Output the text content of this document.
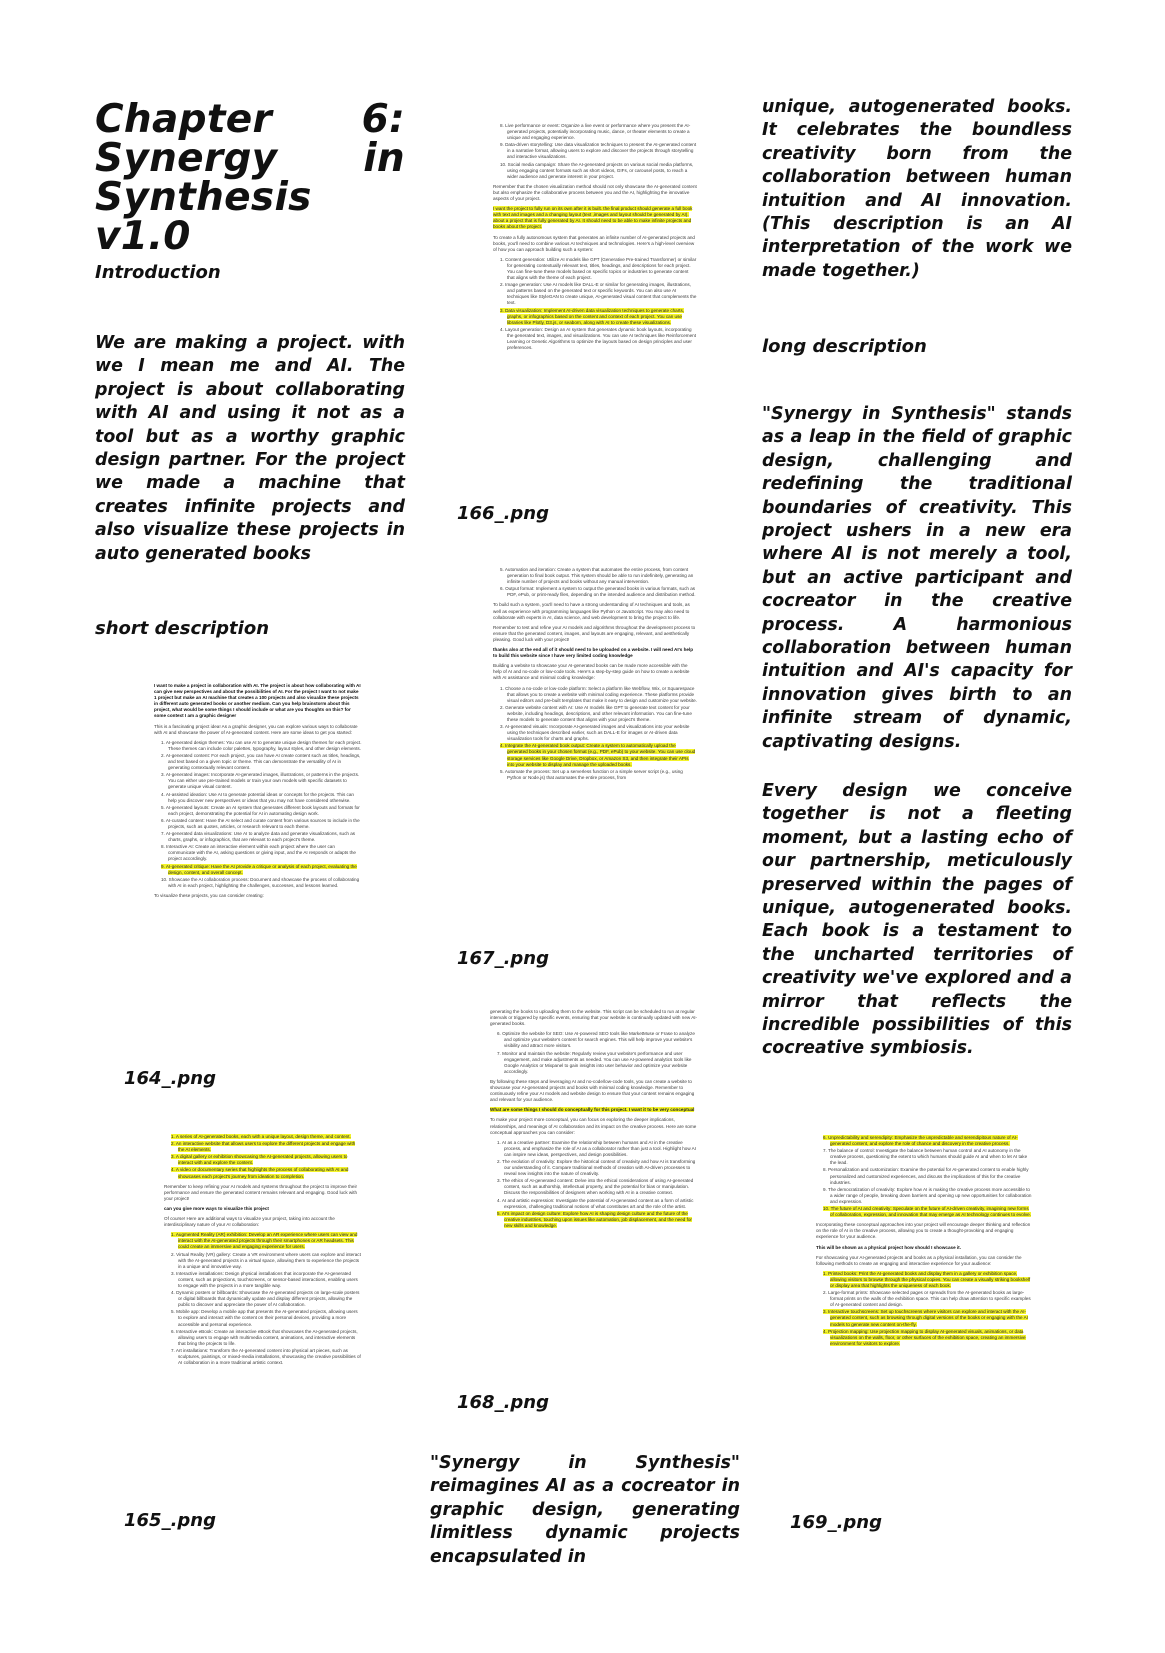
Chapter 6: Synergy in Synthesis v1.0
Introduction
We are making a project. with we I mean me and AI. The project is about collaborating with AI and using it not as a tool but as a worthy graphic design partner. For the project we made a machine that creates infinite projects and also visualize these projects in auto generated books
short description
I want to make a project in collaboration with AI. The project is about how collaborating with AI can give new perspectives and about the possibilities of AI. For the project I want to not make 1 project but make an AI machine that creates a 100 projects and also visualize these projects in different auto generated books or another medium. Can you help brainstorm about this project, what would be some things I should include or what are you thoughts on this? for some context I am a graphic designer
This is a fascinating project idea! As a graphic designer, you can explore various ways to collaborate with AI and showcase the power of AI-generated content. Here are some ideas to get you started:
1. AI-generated design themes: You can use AI to generate unique design themes for each project. These themes can include color palettes, typography, layout styles, and other design elements.
2. AI-generated content: For each project, you can have AI create content such as titles, headings, and text based on a given topic or theme. This can demonstrate the versatility of AI in generating contextually relevant content.
3. AI-generated images: Incorporate AI-generated images, illustrations, or patterns in the projects. You can either use pre-trained models or train your own models with specific datasets to generate unique visual content.
4. AI-assisted ideation: Use AI to generate potential ideas or concepts for the projects. This can help you discover new perspectives or ideas that you may not have considered otherwise.
5. AI-generated layouts: Create an AI system that generates different book layouts and formats for each project, demonstrating the potential for AI in automating design work.
6. AI-curated content: Have the AI select and curate content from various sources to include in the projects, such as quotes, articles, or research relevant to each theme.
7. AI-generated data visualizations: Use AI to analyze data and generate visualizations, such as charts, graphs, or infographics, that are relevant to each project's theme.
8. Interactive AI: Create an interactive element within each project where the user can communicate with the AI, asking questions or giving input, and the AI responds or adapts the project accordingly.
9. AI-generated critique: Have the AI provide a critique or analysis of each project, evaluating the design, content, and overall concept.
10. Showcase the AI collaboration process: Document and showcase the process of collaborating with AI in each project, highlighting the challenges, successes, and lessons learned.
To visualize these projects, you can consider creating:
164_.png
1. A series of AI-generated books, each with a unique layout, design theme, and content.
2. An interactive website that allows users to explore the different projects and engage with the AI elements.
3. A digital gallery or exhibition showcasing the AI-generated projects, allowing users to interact with and explore the content.
4. A video or documentary series that highlights the process of collaborating with AI and showcases each project's journey from ideation to completion.
Remember to keep refining your AI models and systems throughout the project to improve their performance and ensure the generated content remains relevant and engaging. Good luck with your project!
can you give more ways to visualize this project
Of course! Here are additional ways to visualize your project, taking into account the interdisciplinary nature of your AI collaboration:
1. Augmented Reality (AR) exhibition: Develop an AR experience where users can view and interact with the AI-generated projects through their smartphones or AR headsets. This could create an immersive and engaging experience for users.
2. Virtual Reality (VR) gallery: Create a VR environment where users can explore and interact with the AI-generated projects in a virtual space, allowing them to experience the projects in a unique and innovative way.
3. Interactive installations: Design physical installations that incorporate the AI-generated content, such as projections, touchscreens, or sensor-based interactions, enabling users to engage with the projects in a more tangible way.
4. Dynamic posters or billboards: Showcase the AI-generated projects on large-scale posters or digital billboards that dynamically update and display different projects, allowing the public to discover and appreciate the power of AI collaboration.
5. Mobile app: Develop a mobile app that presents the AI-generated projects, allowing users to explore and interact with the content on their personal devices, providing a more accessible and personal experience.
6. Interactive eBook: Create an interactive eBook that showcases the AI-generated projects, allowing users to engage with multimedia content, animations, and interactive elements that bring the projects to life.
7. Art installations: Transform the AI-generated content into physical art pieces, such as sculptures, paintings, or mixed-media installations, showcasing the creative possibilities of AI collaboration in a more traditional artistic context.
165_.png
8. Live performance or event: Organize a live event or performance where you present the AI-generated projects, potentially incorporating music, dance, or theater elements to create a unique and engaging experience.
9. Data-driven storytelling: Use data visualization techniques to present the AI-generated content in a narrative format, allowing users to explore and discover the projects through storytelling and interactive visualizations.
10. Social media campaign: Share the AI-generated projects on various social media platforms, using engaging content formats such as short videos, GIFs, or carousel posts, to reach a wider audience and generate interest in your project.
Remember that the chosen visualization method should not only showcase the AI-generated content but also emphasize the collaborative process between you and the AI, highlighting the innovative aspects of your project.
I want the project to fully run on its own after it is built. the final product should generate a full book with text and images and a changing layout (text ,images and layout should be generated by AI). about a project that is fully generated by AI. It should need to be able to make infinite projects and books about the project.
To create a fully autonomous system that generates an infinite number of AI-generated projects and books, you'll need to combine various AI techniques and technologies. Here's a high-level overview of how you can approach building such a system:
1. Content generation: Utilize AI models like GPT (Generative Pre-trained Transformer) or similar for generating contextually relevant text, titles, headings, and descriptions for each project. You can fine-tune these models based on specific topics or industries to generate content that aligns with the theme of each project.
2. Image generation: Use AI models like DALL-E or similar for generating images, illustrations, and patterns based on the generated text or specific keywords. You can also use AI techniques like StyleGAN to create unique, AI-generated visual content that complements the text.
3. Data visualization: Implement AI-driven data visualization techniques to generate charts, graphs, or infographics based on the content and context of each project. You can use libraries like Plotly, D3.js, or seaborn, along with AI to create these visualizations.
4. Layout generation: Design an AI system that generates dynamic book layouts, incorporating the generated text, images, and visualizations. You can use AI techniques like Reinforcement Learning or Genetic Algorithms to optimize the layouts based on design principles and user preferences.
166_.png
5. Automation and iteration: Create a system that automates the entire process, from content generation to final book output. This system should be able to run indefinitely, generating an infinite number of projects and books without any manual intervention.
6. Output format: Implement a system to output the generated books in various formats, such as PDF, ePub, or print-ready files, depending on the intended audience and distribution method.
To build such a system, you'll need to have a strong understanding of AI techniques and tools, as well as experience with programming languages like Python or JavaScript. You may also need to collaborate with experts in AI, data science, and web development to bring the project to life.
Remember to test and refine your AI models and algorithms throughout the development process to ensure that the generated content, images, and layouts are engaging, relevant, and aesthetically pleasing. Good luck with your project!
thanks also at the end all of it should need to be uploaded on a website. I will need AI's help to build this website since I have very limited coding knowledge
Building a website to showcase your AI-generated books can be made more accessible with the help of AI and no-code or low-code tools. Here's a step-by-step guide on how to create a website with AI assistance and minimal coding knowledge:
1. Choose a no-code or low-code platform: Select a platform like Webflow, Wix, or Squarespace that allows you to create a website with minimal coding experience. These platforms provide visual editors and pre-built templates that make it easy to design and customize your website.
2. Generate website content with AI: Use AI models like GPT to generate text content for your website, including headings, descriptions, and other relevant information. You can fine-tune these models to generate content that aligns with your project's theme.
3. AI-generated visuals: Incorporate AI-generated images and visualizations into your website using the techniques described earlier, such as DALL-E for images or AI-driven data visualization tools for charts and graphs.
4. Integrate the AI-generated book output: Create a system to automatically upload the generated books in your chosen format (e.g., PDF, ePub) to your website. You can use cloud storage services like Google Drive, Dropbox, or Amazon S3, and then integrate their APIs into your website to display and manage the uploaded books.
5. Automate the process: Set up a serverless function or a simple server script (e.g., using Python or Node.js) that automates the entire process, from
167_.png
generating the books to uploading them to the website. This script can be scheduled to run at regular intervals or triggered by specific events, ensuring that your website is continually updated with new AI-generated books.
6. Optimize the website for SEO: Use AI-powered SEO tools like MarketMuse or Frase to analyze and optimize your website's content for search engines. This will help improve your website's visibility and attract more visitors.
7. Monitor and maintain the website: Regularly review your website's performance and user engagement, and make adjustments as needed. You can use AI-powered analytics tools like Google Analytics or Mixpanel to gain insights into user behavior and optimize your website accordingly.
By following these steps and leveraging AI and no-code/low-code tools, you can create a website to showcase your AI-generated projects and books with minimal coding knowledge. Remember to continuously refine your AI models and website design to ensure that your content remains engaging and relevant for your audience.
What are some things I should do conceptually for this project. I want it to be very conceptual
To make your project more conceptual, you can focus on exploring the deeper implications, relationships, and meanings of AI collaboration and its impact on the creative process. Here are some conceptual approaches you can consider:
1. AI as a creative partner: Examine the relationship between humans and AI in the creative process, and emphasize the role of AI as a collaborator rather than just a tool. Highlight how AI can inspire new ideas, perspectives, and design possibilities.
2. The evolution of creativity: Explore the historical context of creativity and how AI is transforming our understanding of it. Compare traditional methods of creation with AI-driven processes to reveal new insights into the nature of creativity.
3. The ethics of AI-generated content: Delve into the ethical considerations of using AI-generated content, such as authorship, intellectual property, and the potential for bias or manipulation. Discuss the responsibilities of designers when working with AI in a creative context.
4. AI and artistic expression: Investigate the potential of AI-generated content as a form of artistic expression, challenging traditional notions of what constitutes art and the role of the artist.
5. AI's impact on design culture: Explore how AI is shaping design culture and the future of the creative industries, touching upon issues like automation, job displacement, and the need for new skills and knowledge.
168_.png
"Synergy in Synthesis" reimagines AI as a cocreator in graphic design, generating limitless dynamic projects encapsulated in
unique, autogenerated books. It celebrates the boundless creativity born from the collaboration between human intuition and AI innovation. (This description is an AI interpretation of the work we made together.)
long description
"Synergy in Synthesis" stands as a leap in the field of graphic design, challenging and redefining the traditional boundaries of creativity. This project ushers in a new era where AI is not merely a tool, but an active participant and cocreator in the creative process. A harmonious collaboration between human intuition and AI's capacity for innovation gives birth to an infinite stream of dynamic, captivating designs.
Every design we conceive together is not a fleeting moment, but a lasting echo of our partnership, meticulously preserved within the pages of unique, autogenerated books. Each book is a testament to the uncharted territories of creativity we've explored and a mirror that reflects the incredible possibilities of this cocreative symbiosis.
6. Unpredictability and serendipity: Emphasize the unpredictable and serendipitous nature of AI-generated content, and explore the role of chance and discovery in the creative process.
7. The balance of control: Investigate the balance between human control and AI autonomy in the creative process, questioning the extent to which humans should guide AI and when to let AI take the lead.
8. Personalization and customization: Examine the potential for AI-generated content to enable highly personalized and customized experiences, and discuss the implications of this for the creative industries.
9. The democratization of creativity: Explore how AI is making the creative process more accessible to a wider range of people, breaking down barriers and opening up new opportunities for collaboration and expression.
10. The future of AI and creativity: Speculate on the future of AI-driven creativity, imagining new forms of collaboration, expression, and innovation that may emerge as AI technology continues to evolve.
Incorporating these conceptual approaches into your project will encourage deeper thinking and reflection on the role of AI in the creative process, allowing you to create a thought-provoking and engaging experience for your audience.
This will be shown as a physical project how should I showcase it.
For showcasing your AI-generated projects and books as a physical installation, you can consider the following methods to create an engaging and interactive experience for your audience:
1. Printed books: Print the AI-generated books and display them in a gallery or exhibition space, allowing visitors to browse through the physical copies. You can create a visually striking bookshelf or display area that highlights the uniqueness of each book.
2. Large-format prints: Showcase selected pages or spreads from the AI-generated books as large-format prints on the walls of the exhibition space. This can help draw attention to specific examples of AI-generated content and design.
3. Interactive touchscreens: Set up touchscreens where visitors can explore and interact with the AI-generated content, such as browsing through digital versions of the books or engaging with the AI models to generate new content on-the-fly.
4. Projection mapping: Use projection mapping to display AI-generated visuals, animations, or data visualizations on the walls, floor, or other surfaces of the exhibition space, creating an immersive environment for visitors to explore.
169_.png
